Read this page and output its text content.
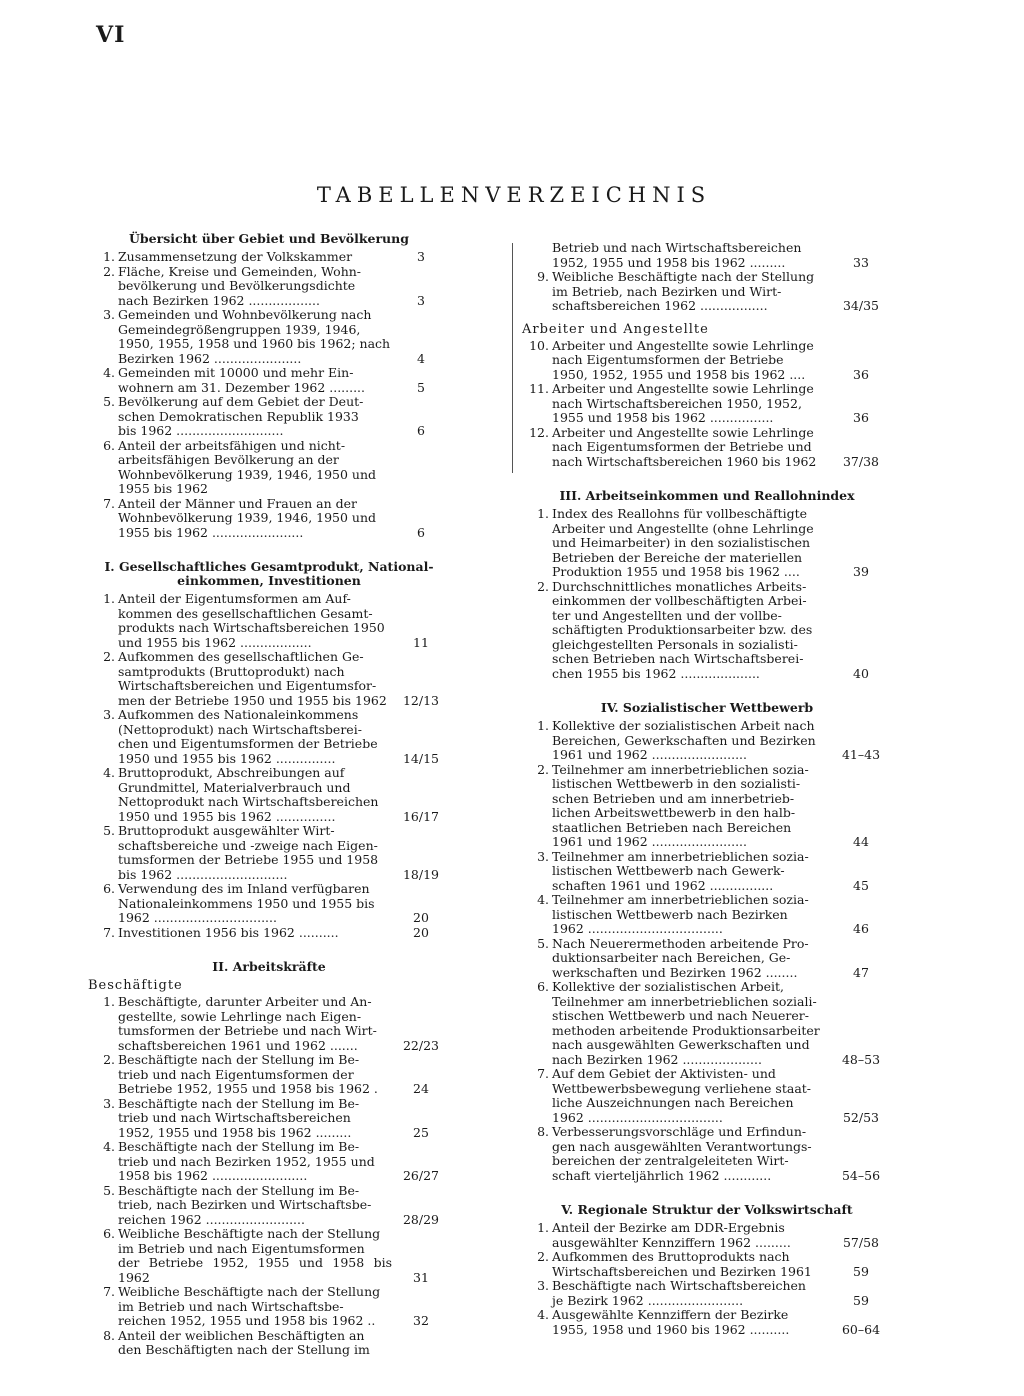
VI
TABELLENVERZEICHNIS
Übersicht über Gebiet und Bevölkerung
1. Zusammensetzung der Volkskammer	3
2. Fläche, Kreise und Gemeinden, Wohn-
bevölkerung und Bevölkerungsdichte
nach Bezirken 1962 ..................	3
3. Gemeinden und Wohnbevölkerung nach
Gemeindegrößengruppen 1939, 1946,
1950, 1955, 1958 und 1960 bis 1962; nach
Bezirken 1962 ......................	4
4. Gemeinden mit 10000 und mehr Ein-
wohnern am 31. Dezember 1962 .........	5
5. Bevölkerung auf dem Gebiet der Deut-
schen Demokratischen Republik 1933
bis 1962 ...........................	6
6. Anteil der arbeitsfähigen und nicht-
arbeitsfähigen Bevölkerung an der
Wohnbevölkerung 1939, 1946, 1950 und
1955 bis 1962
7. Anteil der Männer und Frauen an der
Wohnbevölkerung 1939, 1946, 1950 und
1955 bis 1962 .......................	6
I. Gesellschaftliches Gesamtprodukt, National-
einkommen, Investitionen
1. Anteil der Eigentumsformen am Auf-
kommen des gesellschaftlichen Gesamt-
produkts nach Wirtschaftsbereichen 1950
und 1955 bis 1962 ..................	11
2. Aufkommen des gesellschaftlichen Ge-
samtprodukts (Bruttoprodukt) nach
Wirtschaftsbereichen und Eigentumsfor-
men der Betriebe 1950 und 1955 bis 1962	12/13
3. Aufkommen des Nationaleinkommens
(Nettoprodukt) nach Wirtschaftsberei-
chen und Eigentumsformen der Betriebe
1950 und 1955 bis 1962 ...............	14/15
4. Bruttoprodukt, Abschreibungen auf
Grundmittel, Materialverbrauch und
Nettoprodukt nach Wirtschaftsbereichen
1950 und 1955 bis 1962 ...............	16/17
5. Bruttoprodukt ausgewählter Wirt-
schaftsbereiche und -zweige nach Eigen-
tumsformen der Betriebe 1955 und 1958
bis 1962 ............................	18/19
6. Verwendung des im Inland verfügbaren
Nationaleinkommens 1950 und 1955 bis
1962 ...............................	20
7. Investitionen 1956 bis 1962 ..........	20
II. Arbeitskräfte
Beschäftigte
1. Beschäftigte, darunter Arbeiter und An-
gestellte, sowie Lehrlinge nach Eigen-
tumsformen der Betriebe und nach Wirt-
schaftsbereichen 1961 und 1962 .......	22/23
2. Beschäftigte nach der Stellung im Be-
trieb und nach Eigentumsformen der
Betriebe 1952, 1955 und 1958 bis 1962 .	24
3. Beschäftigte nach der Stellung im Be-
trieb und nach Wirtschaftsbereichen
1952, 1955 und 1958 bis 1962 .........	25
4. Beschäftigte nach der Stellung im Be-
trieb und nach Bezirken 1952, 1955 und
1958 bis 1962 ........................	26/27
5. Beschäftigte nach der Stellung im Be-
trieb, nach Bezirken und Wirtschaftsbe-
reichen 1962 .........................	28/29
6. Weibliche Beschäftigte nach der Stellung
im Betrieb und nach Eigentumsformen
der Betriebe 1952, 1955 und 1958 bis 1962	31
7. Weibliche Beschäftigte nach der Stellung
im Betrieb und nach Wirtschaftsbe-
reichen 1952, 1955 und 1958 bis 1962 ..	32
8. Anteil der weiblichen Beschäftigten an
den Beschäftigten nach der Stellung im
Betrieb und nach Wirtschaftsbereichen
1952, 1955 und 1958 bis 1962 .........	33
9. Weibliche Beschäftigte nach der Stellung
im Betrieb, nach Bezirken und Wirt-
schaftsbereichen 1962 .................	34/35
Arbeiter und Angestellte
10. Arbeiter und Angestellte sowie Lehrlinge
nach Eigentumsformen der Betriebe
1950, 1952, 1955 und 1958 bis 1962 ....	36
11. Arbeiter und Angestellte sowie Lehrlinge
nach Wirtschaftsbereichen 1950, 1952,
1955 und 1958 bis 1962 ................	36
12. Arbeiter und Angestellte sowie Lehrlinge
nach Eigentumsformen der Betriebe und
nach Wirtschaftsbereichen 1960 bis 1962	37/38
III. Arbeitseinkommen und Reallohnindex
1. Index des Reallohns für vollbeschäftigte
Arbeiter und Angestellte (ohne Lehrlinge
und Heimarbeiter) in den sozialistischen
Betrieben der Bereiche der materiellen
Produktion 1955 und 1958 bis 1962 ....	39
2. Durchschnittliches monatliches Arbeits-
einkommen der vollbeschäftigten Arbei-
ter und Angestellten und der vollbe-
schäftigten Produktionsarbeiter bzw. des
gleichgestellten Personals in sozialisti-
schen Betrieben nach Wirtschaftsberei-
chen 1955 bis 1962 ....................	40
IV. Sozialistischer Wettbewerb
1. Kollektive der sozialistischen Arbeit nach
Bereichen, Gewerkschaften und Bezirken
1961 und 1962 ........................	41–43
2. Teilnehmer am innerbetrieblichen sozia-
listischen Wettbewerb in den sozialisti-
schen Betrieben und am innerbetrieb-
lichen Arbeitswettbewerb in den halb-
staatlichen Betrieben nach Bereichen
1961 und 1962 ........................	44
3. Teilnehmer am innerbetrieblichen sozia-
listischen Wettbewerb nach Gewerk-
schaften 1961 und 1962 ................	45
4. Teilnehmer am innerbetrieblichen sozia-
listischen Wettbewerb nach Bezirken
1962 ..................................	46
5. Nach Neuerermethoden arbeitende Pro-
duktionsarbeiter nach Bereichen, Ge-
werkschaften und Bezirken 1962 ........	47
6. Kollektive der sozialistischen Arbeit,
Teilnehmer am innerbetrieblichen soziali-
stischen Wettbewerb und nach Neuerer-
methoden arbeitende Produktionsarbeiter
nach ausgewählten Gewerkschaften und
nach Bezirken 1962 ....................	48–53
7. Auf dem Gebiet der Aktivisten- und
Wettbewerbsbewegung verliehene staat-
liche Auszeichnungen nach Bereichen
1962 ..................................	52/53
8. Verbesserungsvorschläge und Erfindun-
gen nach ausgewählten Verantwortungs-
bereichen der zentralgeleiteten Wirt-
schaft vierteljährlich 1962 ............	54–56
V. Regionale Struktur der Volkswirtschaft
1. Anteil der Bezirke am DDR-Ergebnis
ausgewählter Kennziffern 1962 .........	57/58
2. Aufkommen des Bruttoprodukts nach
Wirtschaftsbereichen und Bezirken 1961	59
3. Beschäftigte nach Wirtschaftsbereichen
je Bezirk 1962 ........................	59
4. Ausgewählte Kennziffern der Bezirke
1955, 1958 und 1960 bis 1962 ..........	60–64
